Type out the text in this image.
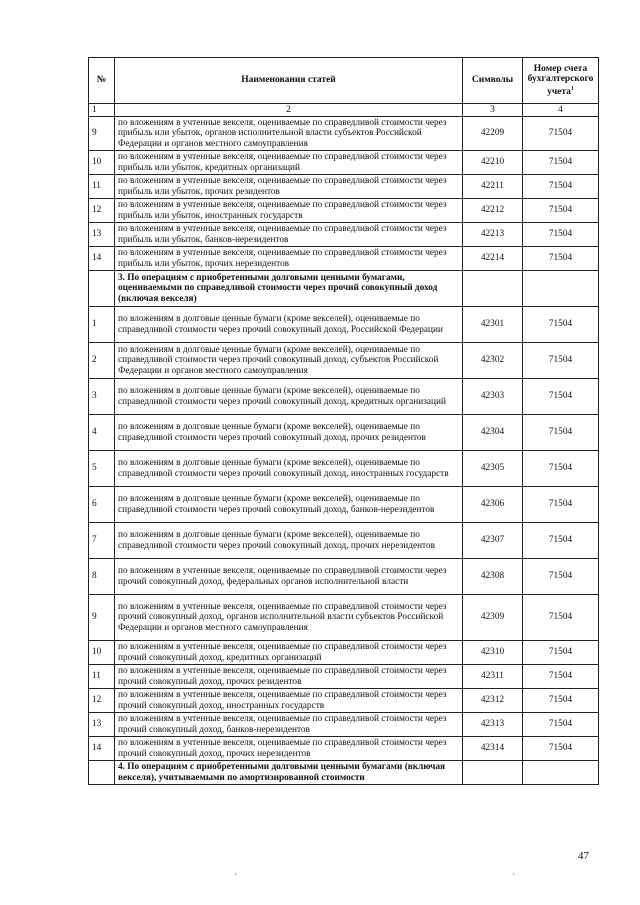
№	Наименования статей	Символы	Номер счета
бухгалтерского
учета$^1$
1	2	3	4
9	по вложениям в учтенные векселя, оцениваемые по справедливой стоимости через прибыль или убыток, органов исполнительной власти субъектов Российской Федерации и органов местного самоуправления	42209	71504
10	по вложениям в учтенные векселя, оцениваемые по справедливой стоимости через прибыль или убыток, кредитных организаций	42210	71504
11	по вложениям в учтенные векселя, оцениваемые по справедливой стоимости через прибыль или убыток, прочих резидентов	42211	71504
12	по вложениям в учтенные векселя, оцениваемые по справедливой стоимости через прибыль или убыток, иностранных государств	42212	71504
13	по вложениям в учтенные векселя, оцениваемые по справедливой стоимости через прибыль или убыток, банков-нерезидентов	42213	71504
14	по вложениям в учтенные векселя, оцениваемые по справедливой стоимости через прибыль или убыток, прочих нерезидентов	42214	71504
	3. По операциям с приобретенными долговыми ценными бумагами, оцениваемыми по справедливой стоимости через прочий совокупный доход (включая векселя)		
1	по вложениям в долговые ценные бумаги (кроме векселей), оцениваемые по справедливой стоимости через прочий совокупный доход, Российской Федерации	42301	71504
2	по вложениям в долговые ценные бумаги (кроме векселей), оцениваемые по справедливой стоимости через прочий совокупный доход, субъектов Российской Федерации и органов местного самоуправления	42302	71504
3	по вложениям в долговые ценные бумаги (кроме векселей), оцениваемые по справедливой стоимости через прочий совокупный доход, кредитных организаций	42303	71504
4	по вложениям в долговые ценные бумаги (кроме векселей), оцениваемые по справедливой стоимости через прочий совокупный доход, прочих резидентов	42304	71504
5	по вложениям в долговые ценные бумаги (кроме векселей), оцениваемые по справедливой стоимости через прочий совокупный доход, иностранных государств	42305	71504
6	по вложениям в долговые ценные бумаги (кроме векселей), оцениваемые по справедливой стоимости через прочий совокупный доход, банков-нерезидентов	42306	71504
7	по вложениям в долговые ценные бумаги (кроме векселей), оцениваемые по справедливой стоимости через прочий совокупный доход, прочих нерезидентов	42307	71504
8	по вложениям в учтенные векселя, оцениваемые по справедливой стоимости через прочий совокупный доход, федеральных органов исполнительной власти	42308	71504
9	по вложениям в учтенные векселя, оцениваемые по справедливой стоимости через прочий совокупный доход, органов исполнительной власти субъектов Российской Федерации и органов местного самоуправления	42309	71504
10	по вложениям в учтенные векселя, оцениваемые по справедливой стоимости через прочий совокупный доход, кредитных организаций	42310	71504
11	по вложениям в учтенные векселя, оцениваемые по справедливой стоимости через прочий совокупный доход, прочих резидентов	42311	71504
12	по вложениям в учтенные векселя, оцениваемые по справедливой стоимости через прочий совокупный доход, иностранных государств	42312	71504
13	по вложениям в учтенные векселя, оцениваемые по справедливой стоимости через прочий совокупный доход, банков-нерезидентов	42313	71504
14	по вложениям в учтенные векселя, оцениваемые по справедливой стоимости через прочий совокупный доход, прочих нерезидентов	42314	71504
	4. По операциям с приобретенными долговыми ценными бумагами (включая векселя), учитываемыми по амортизированной стоимости		
47
`	`
